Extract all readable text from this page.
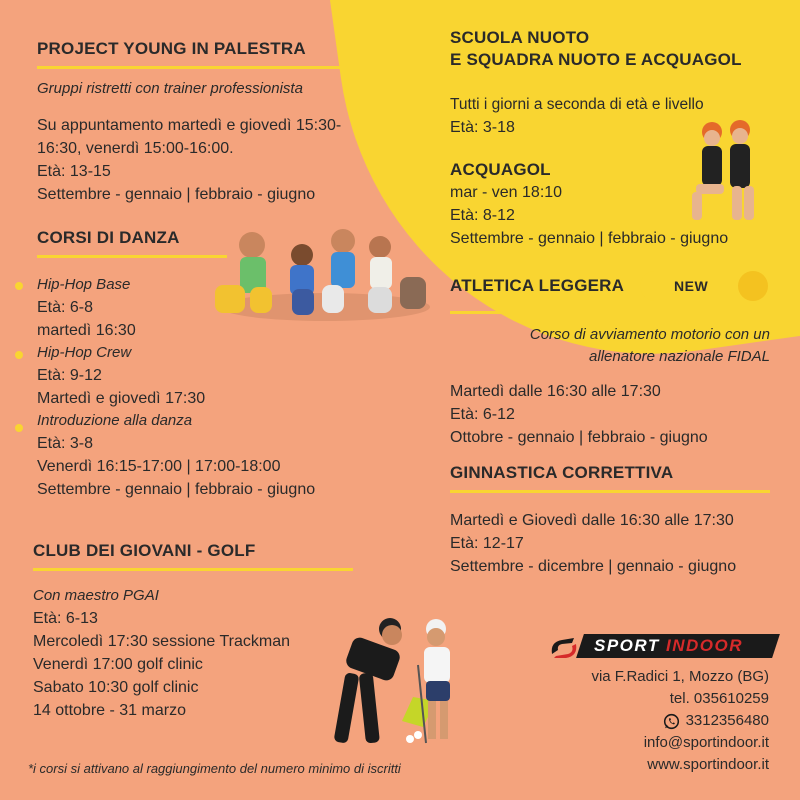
PROJECT YOUNG IN PALESTRA
Gruppi ristretti con trainer professionista
Su appuntamento martedì e giovedì 15:30-
16:30, venerdì 15:00-16:00.
Età: 13-15
Settembre - gennaio | febbraio - giugno
CORSI DI DANZA
Hip-Hop Base
Età: 6-8
martedì 16:30
Hip-Hop Crew
Età: 9-12
Martedì e giovedì 17:30
Introduzione alla danza
Età: 3-8
Venerdì 16:15-17:00 | 17:00-18:00
Settembre - gennaio | febbraio - giugno
CLUB DEI GIOVANI - GOLF
Con maestro PGAI
Età: 6-13
Mercoledì 17:30 sessione Trackman
Venerdì 17:00 golf clinic
Sabato 10:30 golf clinic
14 ottobre - 31 marzo
SCUOLA NUOTO
E SQUADRA NUOTO E ACQUAGOL
Tutti i giorni a seconda di età e livello
Età: 3-18
ACQUAGOL
mar - ven 18:10
Età: 8-12
Settembre - gennaio | febbraio - giugno
ATLETICA LEGGERA
Corso di avviamento motorio con un
allenatore nazionale FIDAL
Martedì dalle 16:30 alle 17:30
Età: 6-12
Ottobre - gennaio | febbraio - giugno
NEW
GINNASTICA CORRETTIVA
Martedì e Giovedì dalle 16:30 alle 17:30
Età: 12-17
Settembre - dicembre | gennaio - giugno
SPORT INDOOR
via F.Radici 1, Mozzo (BG)
tel. 035610259
3312356480
info@sportindoor.it
www.sportindoor.it
*i corsi si attivano al raggiungimento del numero minimo di iscritti
